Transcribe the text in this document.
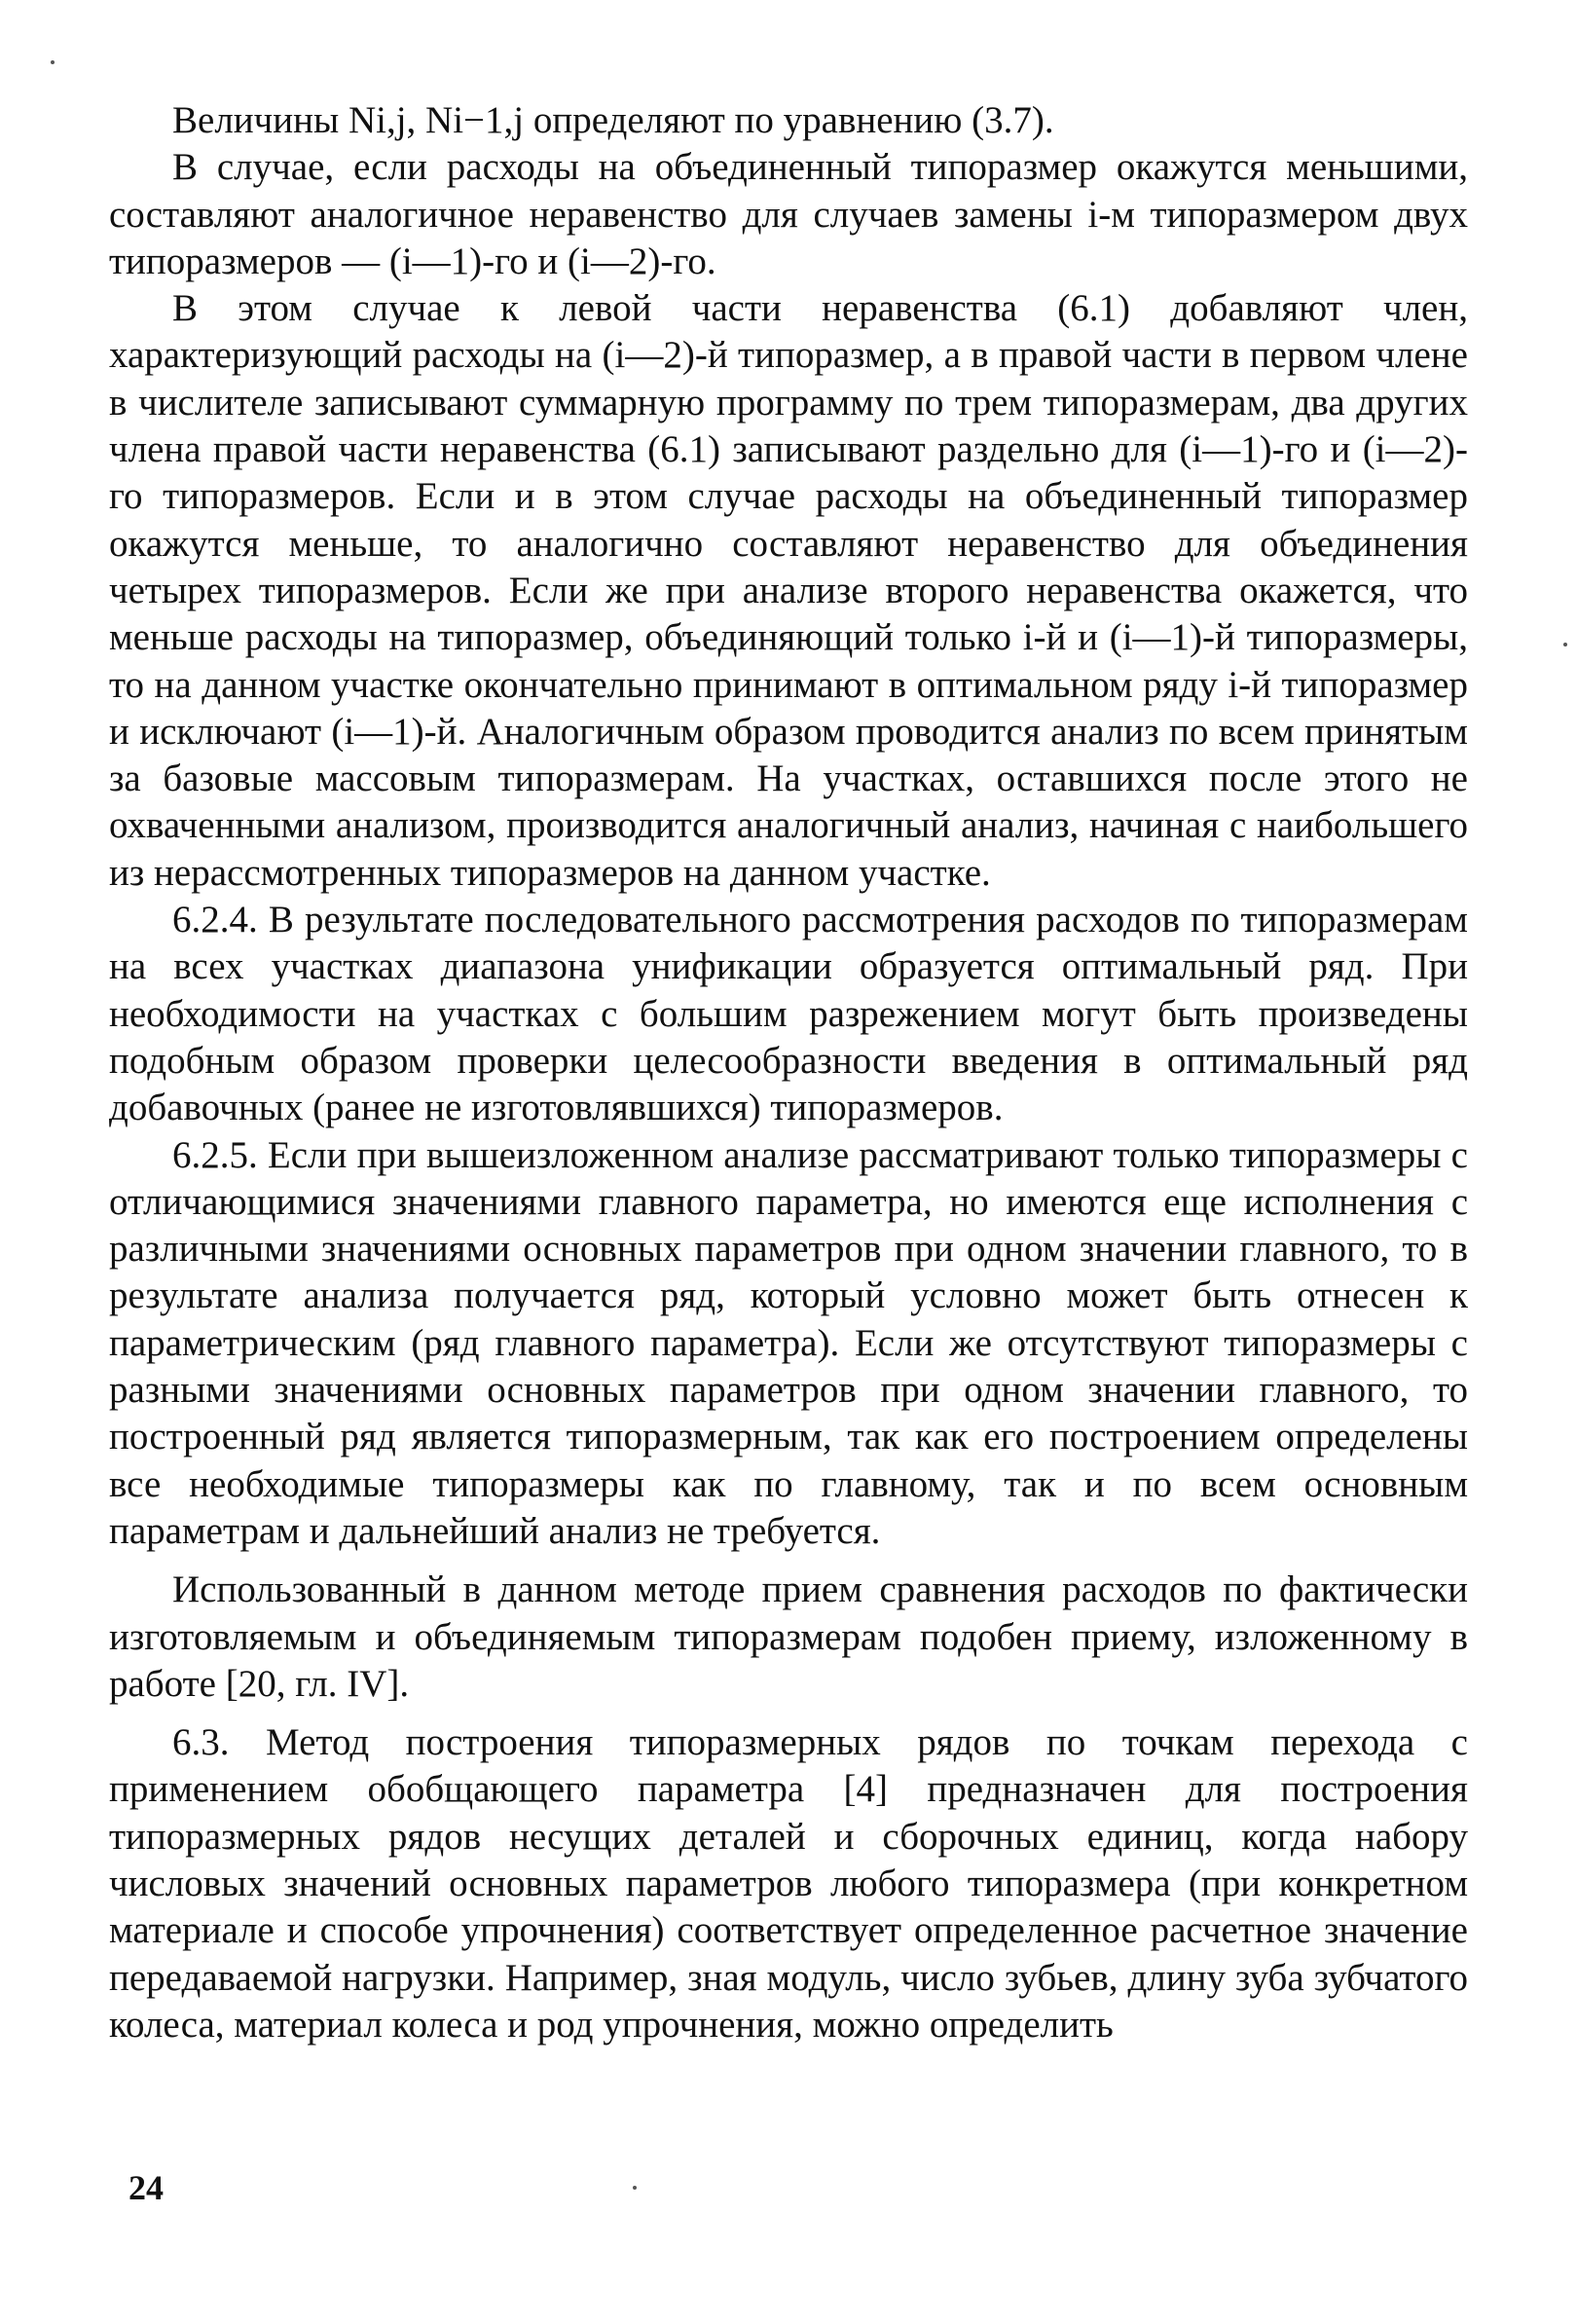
Величины Ni,j, Ni−1,j определяют по уравнению (3.7).

В случае, если расходы на объединенный типоразмер окажутся меньшими, составляют аналогичное неравенство для случаев замены i-м типоразмером двух типоразмеров — (i—1)-го и (i—2)-го.

В этом случае к левой части неравенства (6.1) добавляют член, характеризующий расходы на (i—2)-й типоразмер, а в правой части в первом члене в числителе записывают суммарную программу по трем типоразмерам, два других члена правой части неравенства (6.1) записывают раздельно для (i—1)-го и (i—2)-го типоразмеров. Если и в этом случае расходы на объединенный типоразмер окажутся меньше, то аналогично составляют неравенство для объединения четырех типоразмеров. Если же при анализе второго неравенства окажется, что меньше расходы на типоразмер, объединяющий только i-й и (i—1)-й типоразмеры, то на данном участке окончательно принимают в оптимальном ряду i-й типоразмер и исключают (i—1)-й. Аналогичным образом проводится анализ по всем принятым за базовые массовым типоразмерам. На участках, оставшихся после этого не охваченными анализом, производится аналогичный анализ, начиная с наибольшего из нерассмотренных типоразмеров на данном участке.

6.2.4. В результате последовательного рассмотрения расходов по типоразмерам на всех участках диапазона унификации образуется оптимальный ряд. При необходимости на участках с большим разрежением могут быть произведены подобным образом проверки целесообразности введения в оптимальный ряд добавочных (ранее не изготовлявшихся) типоразмеров.

6.2.5. Если при вышеизложенном анализе рассматривают только типоразмеры с отличающимися значениями главного параметра, но имеются еще исполнения с различными значениями основных параметров при одном значении главного, то в результате анализа получается ряд, который условно может быть отнесен к параметрическим (ряд главного параметра). Если же отсутствуют типоразмеры с разными значениями основных параметров при одном значении главного, то построенный ряд является типоразмерным, так как его построением определены все необходимые типоразмеры как по главному, так и по всем основным параметрам и дальнейший анализ не требуется.

Использованный в данном методе прием сравнения расходов по фактически изготовляемым и объединяемым типоразмерам подобен приему, изложенному в работе [20, гл. IV].

6.3. Метод построения типоразмерных рядов по точкам перехода с применением обобщающего параметра [4] предназначен для построения типоразмерных рядов несущих деталей и сборочных единиц, когда набору числовых значений основных параметров любого типоразмера (при конкретном материале и способе упрочнения) соответствует определенное расчетное значение передаваемой нагрузки. Например, зная модуль, число зубьев, длину зуба зубчатого колеса, материал колеса и род упрочнения, можно определить

24
